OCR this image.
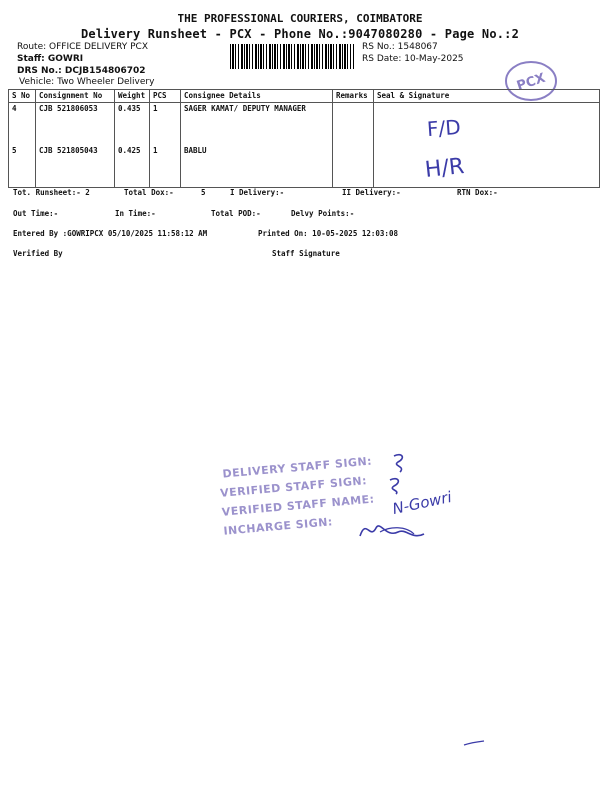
THE PROFESSIONAL COURIERS, COIMBATORE
Delivery Runsheet - PCX - Phone No.:9047080280 - Page No.:2
Route: OFFICE DELIVERY PCX
Staff: GOWRI
DRS No.: DCJB154806702
Vehicle: Two Wheeler Delivery
RS No.: 1548067
RS Date: 10-May-2025
PCX
S No	Consignment No	Weight	PCS	Consignee Details	Remarks	Seal & Signature
4	CJB 521806053	0.435	1	SAGER KAMAT/ DEPUTY MANAGER		F/D
5	CJB 521805043	0.425	1	BABLU		H/R
Tot. Runsheet:- 2	Total Dox:-	5	I Delivery:-	II Delivery:-	RTN Dox:-
Out Time:-	In Time:-	Total POD:-	Delvy Points:-
Entered By :GOWRIPCX 05/10/2025 11:58:12 AM	Printed On: 10-05-2025 12:03:08
Verified By	Staff Signature
DELIVERY STAFF SIGN:
VERIFIED STAFF SIGN:
VERIFIED STAFF NAME:
INCHARGE SIGN:
N-Gowri
